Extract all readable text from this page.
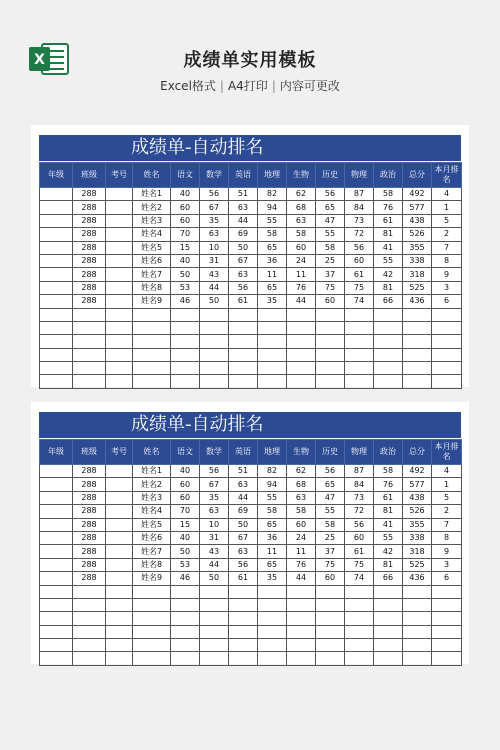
X	成绩单实用模板
Excel格式 | A4打印 | 内容可更改
成绩单-自动排名
年级	班级	考号	姓名	语文	数学	英语	地理	生物	历史	物理	政治	总分	本月排名
	288		姓名1	40	56	51	82	62	56	87	58	492	4
	288		姓名2	60	67	63	94	68	65	84	76	577	1
	288		姓名3	60	35	44	55	63	47	73	61	438	5
	288		姓名4	70	63	69	58	58	55	72	81	526	2
	288		姓名5	15	10	50	65	60	58	56	41	355	7
	288		姓名6	40	31	67	36	24	25	60	55	338	8
	288		姓名7	50	43	63	11	11	37	61	42	318	9
	288		姓名8	53	44	56	65	76	75	75	81	525	3
	288		姓名9	46	50	61	35	44	60	74	66	436	6

成绩单-自动排名
年级	班级	考号	姓名	语文	数学	英语	地理	生物	历史	物理	政治	总分	本月排名
	288		姓名1	40	56	51	82	62	56	87	58	492	4
	288		姓名2	60	67	63	94	68	65	84	76	577	1
	288		姓名3	60	35	44	55	63	47	73	61	438	5
	288		姓名4	70	63	69	58	58	55	72	81	526	2
	288		姓名5	15	10	50	65	60	58	56	41	355	7
	288		姓名6	40	31	67	36	24	25	60	55	338	8
	288		姓名7	50	43	63	11	11	37	61	42	318	9
	288		姓名8	53	44	56	65	76	75	75	81	525	3
	288		姓名9	46	50	61	35	44	60	74	66	436	6
